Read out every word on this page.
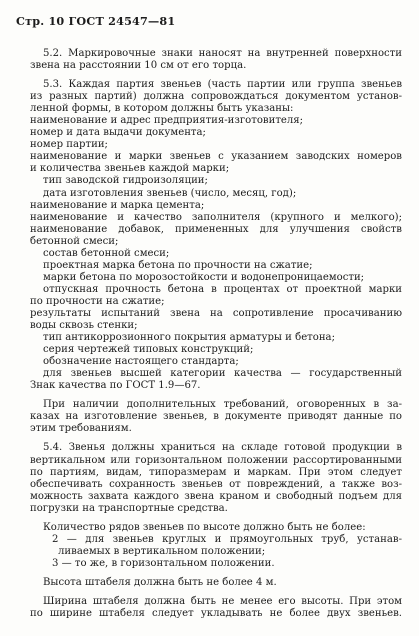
Стр. 10 ГОСТ 24547—81
5.2. Маркировочные знаки наносят на внутренней поверхности
звена на расстоянии 10 см от его торца.
5.3. Каждая партия звеньев (часть партии или группа звеньев
из разных партий) должна сопровождаться документом установ-
ленной формы, в котором должны быть указаны:
наименование и адрес предприятия-изготовителя;
номер и дата выдачи документа;
номер партии;
наименование и марки звеньев с указанием заводских номеров
и количества звеньев каждой марки;
тип заводской гидроизоляции;
дата изготовления звеньев (число, месяц, год);
наименование и марка цемента;
наименование и качество заполнителя (крупного и мелкого);
наименование добавок, примененных для улучшения свойств
бетонной смеси;
состав бетонной смеси;
проектная марка бетона по прочности на сжатие;
марки бетона по морозостойкости и водонепроницаемости;
отпускная прочность бетона в процентах от проектной марки
по прочности на сжатие;
результаты испытаний звена на сопротивление просачиванию
воды сквозь стенки;
тип антикоррозионного покрытия арматуры и бетона;
серия чертежей типовых конструкций;
обозначение настоящего стандарта;
для звеньев высшей категории качества — государственный
Знак качества по ГОСТ 1.9—67.
При наличии дополнительных требований, оговоренных в за-
казах на изготовление звеньев, в документе приводят данные по
этим требованиям.
5.4. Звенья должны храниться на складе готовой продукции в
вертикальном или горизонтальном положении рассортированными
по партиям, видам, типоразмерам и маркам. При этом следует
обеспечивать сохранность звеньев от повреждений, а также воз-
можность захвата каждого звена краном и свободный подъем для
погрузки на транспортные средства.
Количество рядов звеньев по высоте должно быть не более:
2 — для звеньев круглых и прямоугольных труб, устанав-
ливаемых в вертикальном положении;
3 — то же, в горизонтальном положении.
Высота штабеля должна быть не более 4 м.
Ширина штабеля должна быть не менее его высоты. При этом
по ширине штабеля следует укладывать не более двух звеньев.
